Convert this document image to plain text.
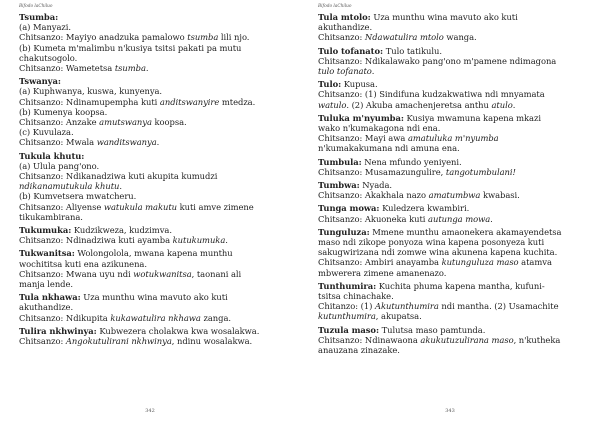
Bifodo laChiluo
Tsumba:
(a) Manyazi.
Chitsanzo: Mayiyo anadzuka pamalowo tsumba lili njo.
(b) Kumeta m'malimbu n'kusiya tsitsi pakati pa mutu
chakutsogolo.
Chitsanzo: Wametetsa tsumba.
Tswanya:
(a) Kuphwanya, kuswa, kunyenya.
Chitsanzo: Ndinamupempha kuti anditswanyire mtedza.
(b) Kumenya koopsa.
Chitsanzo: Anzake amutswanya koopsa.
(c) Kuvulaza.
Chitsanzo: Mwala wanditswanya.
Tukula khutu:
(a) Ulula pang'ono.
Chitsanzo: Ndikanadziwa kuti akupita kumudzi
ndikanamutukula khutu.
(b) Kumvetsera mwatcheru.
Chitsanzo: Aliyense watukula makutu kuti amve zimene
tikukambirana.
Tukumuka: Kudzikweza, kudzimva.
Chitsanzo: Ndinadziwa kuti ayamba kutukumuka.
Tukwanitsa: Wolongolola, mwana kapena munthu
wochititsa kuti ena azikunena.
Chitsanzo: Mwana uyu ndi wotukwanitsa, taonani ali
manja lende.
Tula nkhawa: Uza munthu wina mavuto ako kuti
akuthandize.
Chitsanzo: Ndikupita kukawatulira nkhawa zanga.
Tulira nkhwinya: Kubwezera cholakwa kwa wosalakwa.
Chitsanzo: Angokutulirani nkhwinya, ndinu wosalakwa.
342
Bifodo laChiluo
Tula mtolo: Uza munthu wina mavuto ako kuti
akuthandize.
Chitsanzo: Ndawatulira mtolo wanga.
Tulo tofanato: Tulo tatikulu.
Chitsanzo: Ndikalawako pang'ono m'pamene ndimagona
tulo tofanato.
Tulo: Kupusa.
Chitsanzo: (1) Sindifuna kudzakwatiwa ndi mnyamata
watulo. (2) Akuba amachenjeretsa anthu atulo.
Tuluka m'nyumba: Kusiya mwamuna kapena mkazi
wako n'kumakagona ndi ena.
Chitsanzo: Mayi awa amatuluka m'nyumba
n'kumakakumana ndi amuna ena.
Tumbula: Nena mfundo yeniyeni.
Chitsanzo: Musamazungulire, tangotumbulani!
Tumbwa: Nyada.
Chitsanzo: Akakhala nazo amatumbwa kwabasi.
Tunga mowa: Kuledzera kwambiri.
Chitsanzo: Akuoneka kuti autunga mowa.
Tunguluza: Mmene munthu amaonekera akamayendetsa
maso ndi zikope ponyoza wina kapena posonyeza kuti
sakugwirizana ndi zomwe wina akunena kapena kuchita.
Chitsanzo: Ambiri anayamba kutunguluza maso atamva
mbwerera zimene amanenazo.
Tunthumira: Kuchita phuma kapena mantha, kufuni-
tsitsa chinachake.
Chitanzo: (1) Akutunthumira ndi mantha. (2) Usamachite
kutunthumira, akupatsa.
Tuzula maso: Tulutsa maso pamtunda.
Chitsanzo: Ndinawaona akukutuzulirana maso, n'kutheka
anauzana zinazake.
343
